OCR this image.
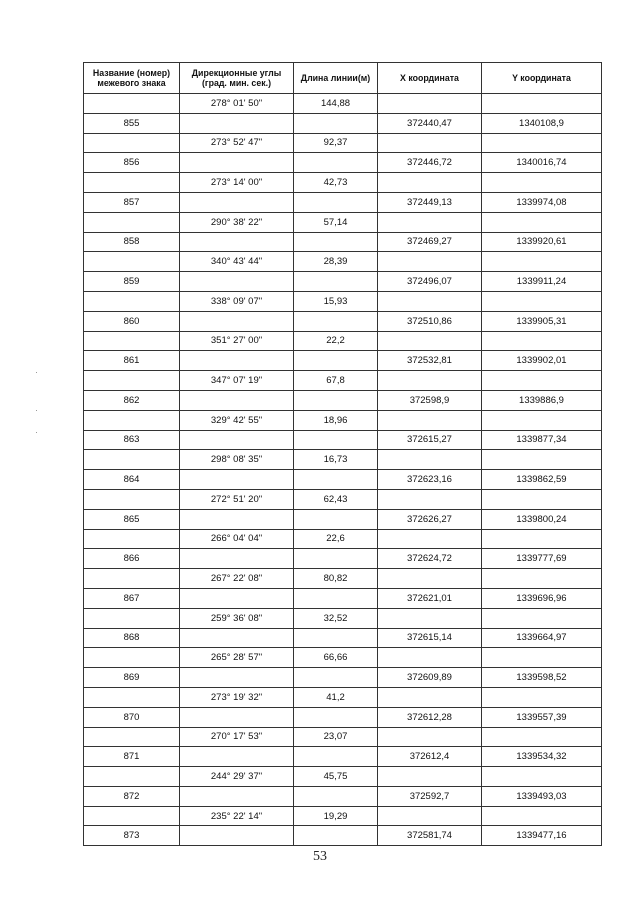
Название (номер) межевого знака	Дирекционные углы (град. мин. сек.)	Длина линии(м)	X координата	Y координата
	278° 01' 50"	144,88		
855			372440,47	1340108,9
	273° 52' 47"	92,37		
856			372446,72	1340016,74
	273° 14' 00"	42,73		
857			372449,13	1339974,08
	290° 38' 22"	57,14		
858			372469,27	1339920,61
	340° 43' 44"	28,39		
859			372496,07	1339911,24
	338° 09' 07"	15,93		
860			372510,86	1339905,31
	351° 27' 00"	22,2		
861			372532,81	1339902,01
	347° 07' 19"	67,8		
862			372598,9	1339886,9
	329° 42' 55"	18,96		
863			372615,27	1339877,34
	298° 08' 35"	16,73		
864			372623,16	1339862,59
	272° 51' 20"	62,43		
865			372626,27	1339800,24
	266° 04' 04"	22,6		
866			372624,72	1339777,69
	267° 22' 08"	80,82		
867			372621,01	1339696,96
	259° 36' 08"	32,52		
868			372615,14	1339664,97
	265° 28' 57"	66,66		
869			372609,89	1339598,52
	273° 19' 32"	41,2		
870			372612,28	1339557,39
	270° 17' 53"	23,07		
871			372612,4	1339534,32
	244° 29' 37"	45,75		
872			372592,7	1339493,03
	235° 22' 14"	19,29		
873			372581,74	1339477,16
53
